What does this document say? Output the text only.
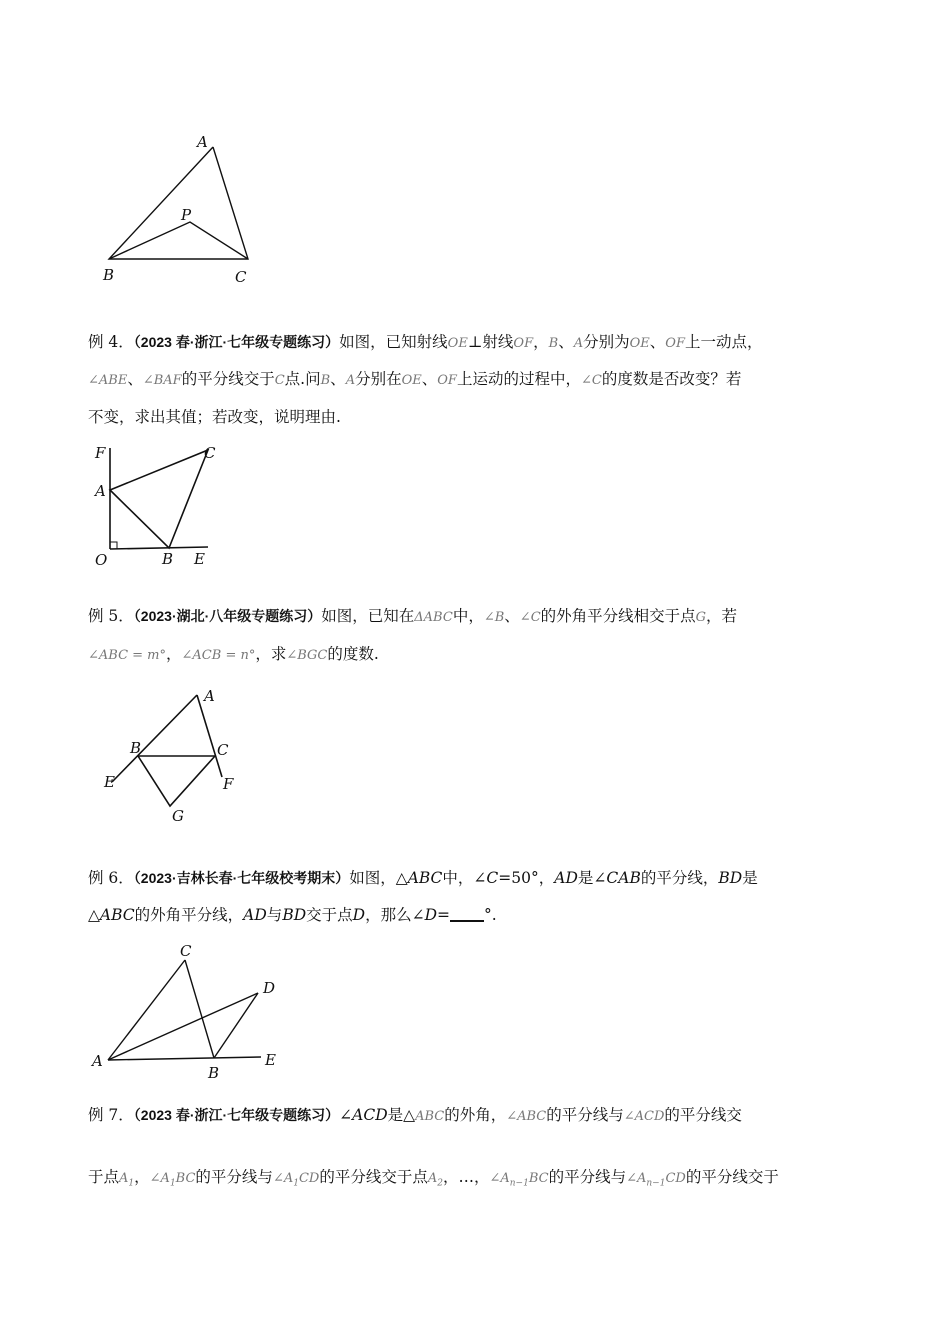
A
P
B	C
例 4．（2023 春·浙江·七年级专题练习）如图，已知射线OE⊥射线OF，B、A分别为OE、OF上一动点，
∠ABE、∠BAF的平分线交于C点.问B、A分别在OE、OF上运动的过程中，∠C的度数是否改变？若
不变，求出其值；若改变，说明理由.
F	C
A
O	B E
例 5．（2023·湖北·八年级专题练习）如图，已知在ΔABC中，∠B、∠C的外角平分线相交于点G，若
∠ABC = m°，∠ACB = n°，求∠BGC的度数.
A
B	C
E	F
G
例 6．（2023·吉林长春·七年级校考期末）如图，△ABC中，∠C=50°，AD是∠CAB的平分线，BD是
△ABC的外角平分线，AD与BD交于点D，那么∠D= °.
C
D
A
B
E
例 7．（2023 春·浙江·七年级专题练习）∠ACD是△ABC的外角，∠ABC的平分线与∠ACD的平分线交
于点$A_1$，$\angle A_1BC$的平分线与$\angle A_1CD$的平分线交于点$A_2$，…，$\angle A_{n-1}BC$的平分线与$\angle A_{n-1}CD$的平分线交于
